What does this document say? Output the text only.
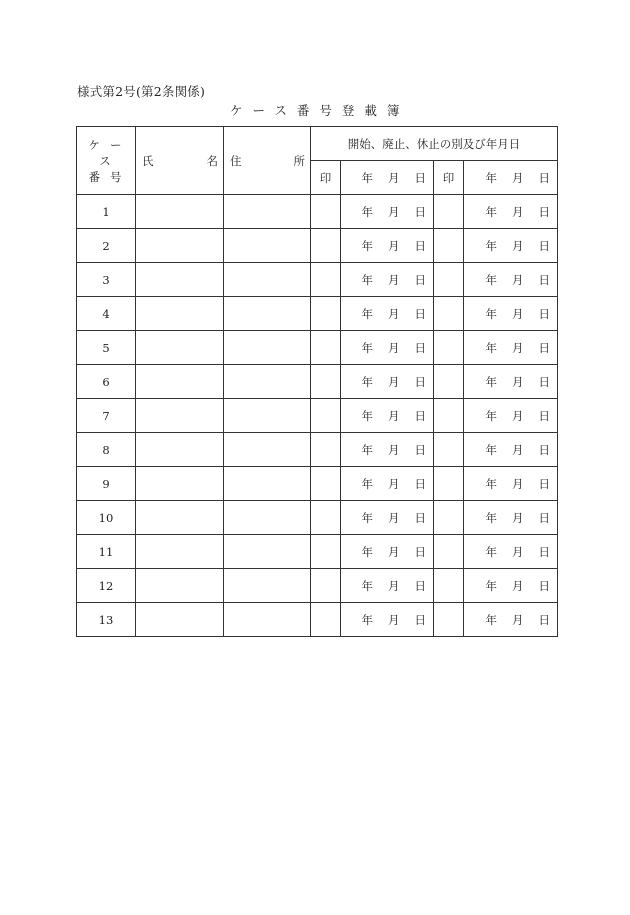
様式第2号(第2条関係)
ケース番号登載簿
ケース
番号	氏 名	住 所	開始、廃止、休止の別及び年月日			
			印	年 月 日	印	年 月 日

1				年 月 日		年 月 日

2				年 月 日		年 月 日

3				年 月 日		年 月 日

4				年 月 日		年 月 日

5				年 月 日		年 月 日

6				年 月 日		年 月 日

7				年 月 日		年 月 日

8				年 月 日		年 月 日

9				年 月 日		年 月 日

10				年 月 日		年 月 日

11				年 月 日		年 月 日

12				年 月 日		年 月 日

13				年 月 日		年 月 日
